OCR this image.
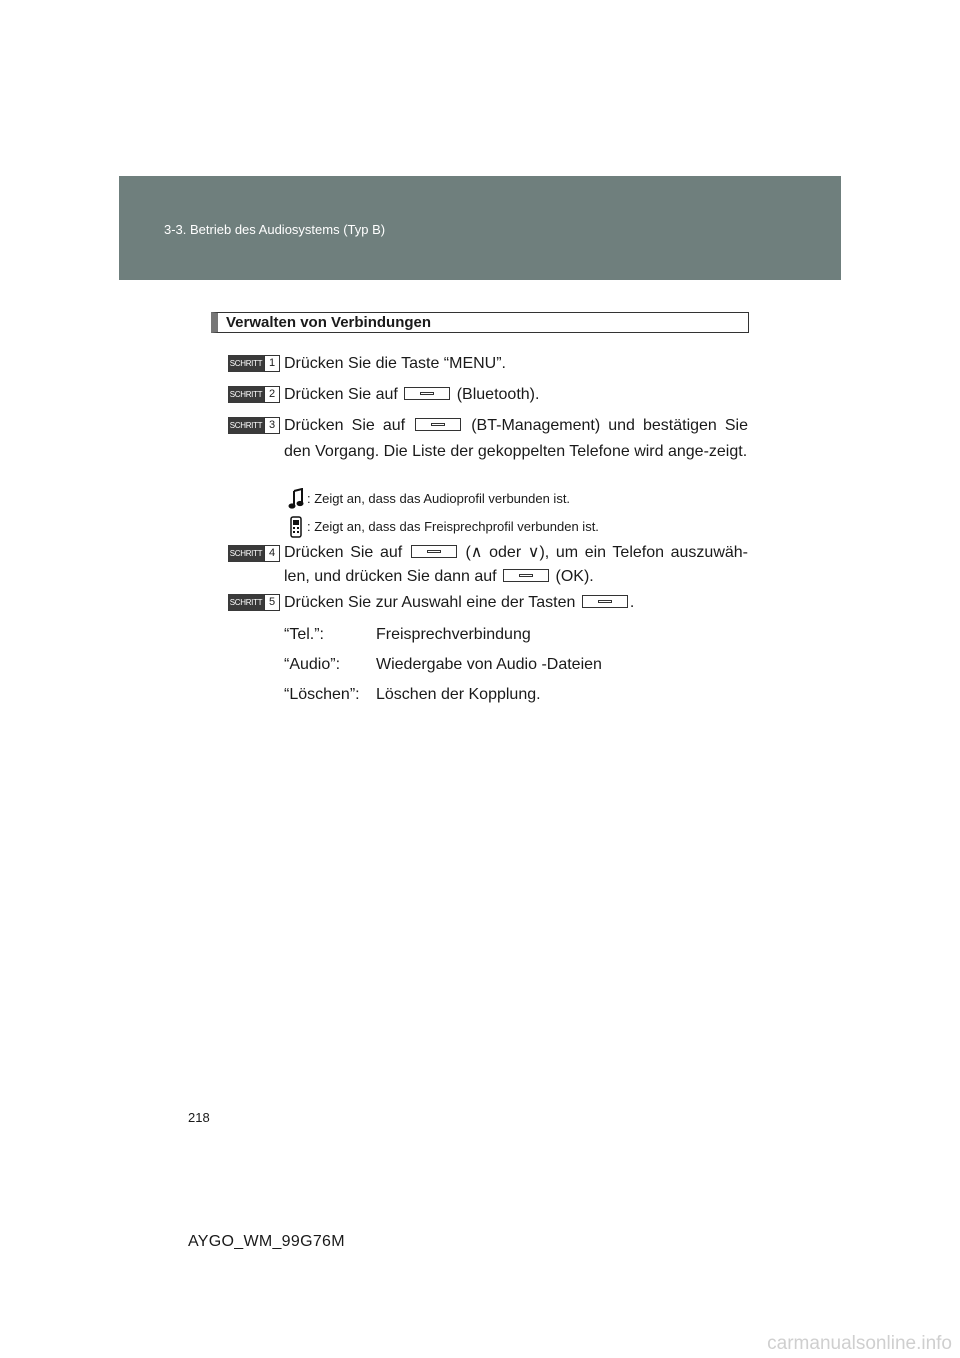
3-3. Betrieb des Audiosystems (Typ B)
Verwalten von Verbindungen
SCHRITT 1 Drücken Sie die Taste “MENU”.
SCHRITT 2 Drücken Sie auf	(Bluetooth).
SCHRITT 3 Drücken Sie auf	(BT-Management) und bestätigen Sie den Vorgang. Die Liste der gekoppelten Telefone wird ange-zeigt.
: Zeigt an, dass das Audioprofil verbunden ist.
: Zeigt an, dass das Freisprechprofil verbunden ist.
SCHRITT 4 Drücken Sie auf	(∧ oder ∨), um ein Telefon auszuwäh-len, und drücken Sie dann auf	(OK).
SCHRITT 5 Drücken Sie zur Auswahl eine der Tasten	.
“Tel.”:	Freisprechverbindung
“Audio”: Wiedergabe von Audio -Dateien
“Löschen”: Löschen der Kopplung.
218
AYGO_WM_99G76M
carmanualsonline.info
